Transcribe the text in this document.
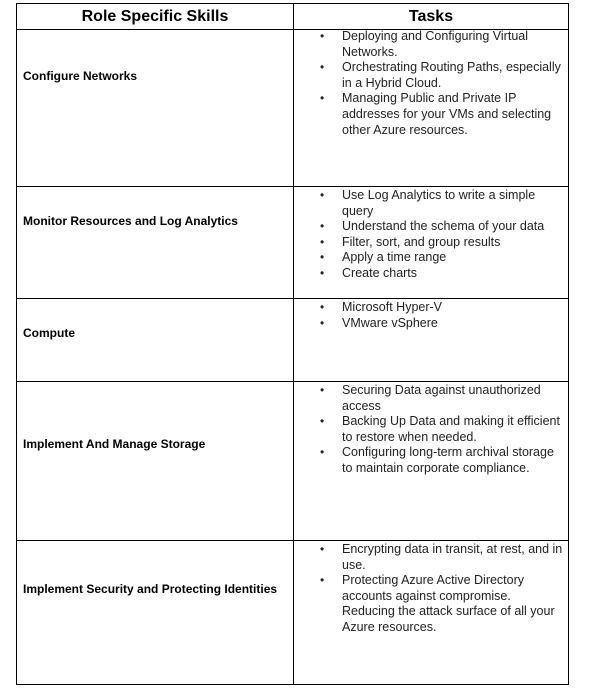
Role Specific Skills	Tasks
Configure Networks
• Deploying and Configuring Virtual Networks.
• Orchestrating Routing Paths, especially in a Hybrid Cloud.
• Managing Public and Private IP addresses for your VMs and selecting other Azure resources.
Monitor Resources and Log Analytics
• Use Log Analytics to write a simple query
• Understand the schema of your data
• Filter, sort, and group results
• Apply a time range
• Create charts
Compute
• Microsoft Hyper-V
• VMware vSphere
Implement And Manage Storage
• Securing Data against unauthorized access
• Backing Up Data and making it efficient to restore when needed.
• Configuring long-term archival storage to maintain corporate compliance.
Implement Security and Protecting Identities
• Encrypting data in transit, at rest, and in use.
• Protecting Azure Active Directory accounts against compromise. Reducing the attack surface of all your Azure resources.
